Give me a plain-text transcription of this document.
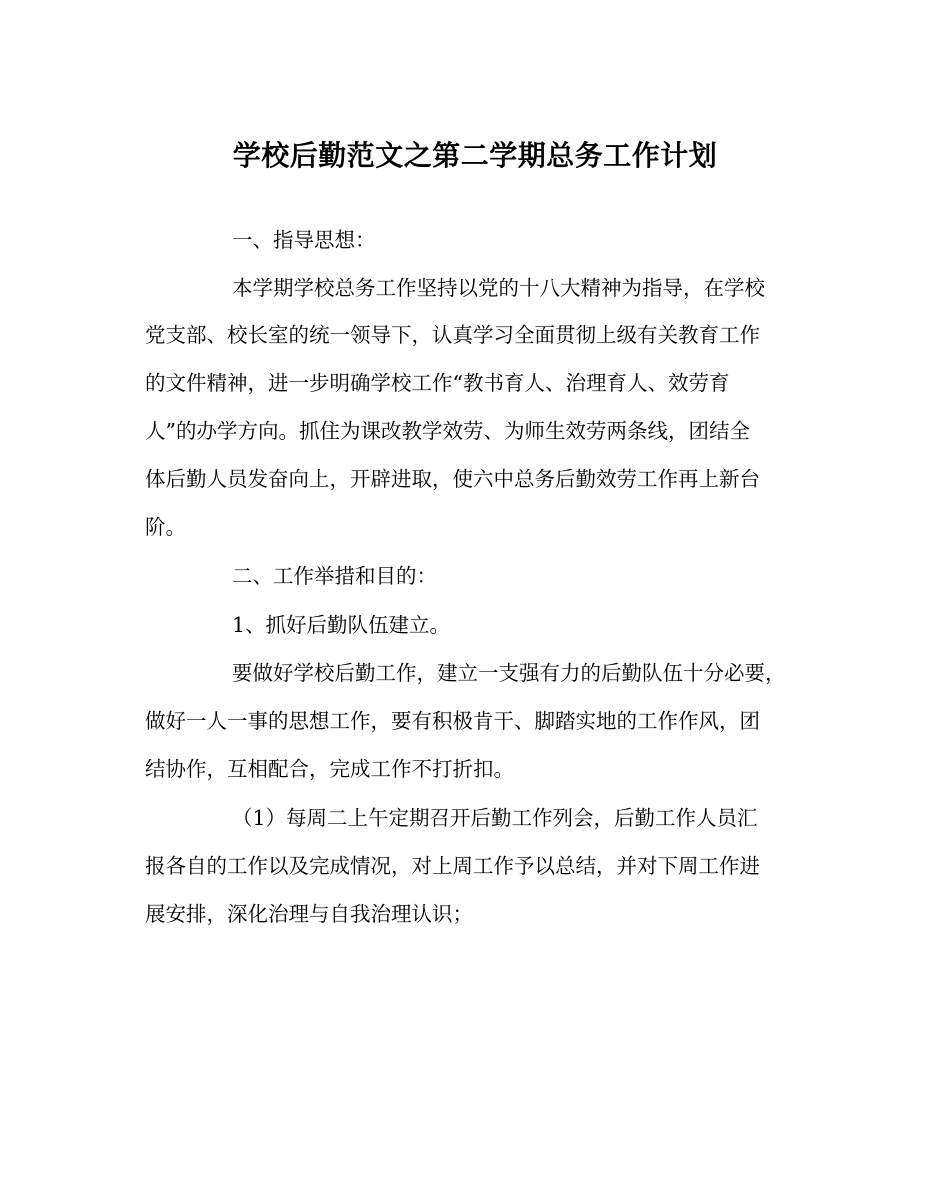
学校后勤范文之第二学期总务工作计划
一、指导思想：
本学期学校总务工作坚持以党的十八大精神为指导，在学校
党支部、校长室的统一领导下，认真学习全面贯彻上级有关教育工作
的文件精神，进一步明确学校工作“教书育人、治理育人、效劳育
人”的办学方向。抓住为课改教学效劳、为师生效劳两条线，团结全
体后勤人员发奋向上，开辟进取，使六中总务后勤效劳工作再上新台
阶。
二、工作举措和目的：
1、抓好后勤队伍建立。
要做好学校后勤工作，建立一支强有力的后勤队伍十分必要，
做好一人一事的思想工作，要有积极肯干、脚踏实地的工作作风，团
结协作，互相配合，完成工作不打折扣。
（1）每周二上午定期召开后勤工作列会，后勤工作人员汇
报各自的工作以及完成情况，对上周工作予以总结，并对下周工作进
展安排，深化治理与自我治理认识；
